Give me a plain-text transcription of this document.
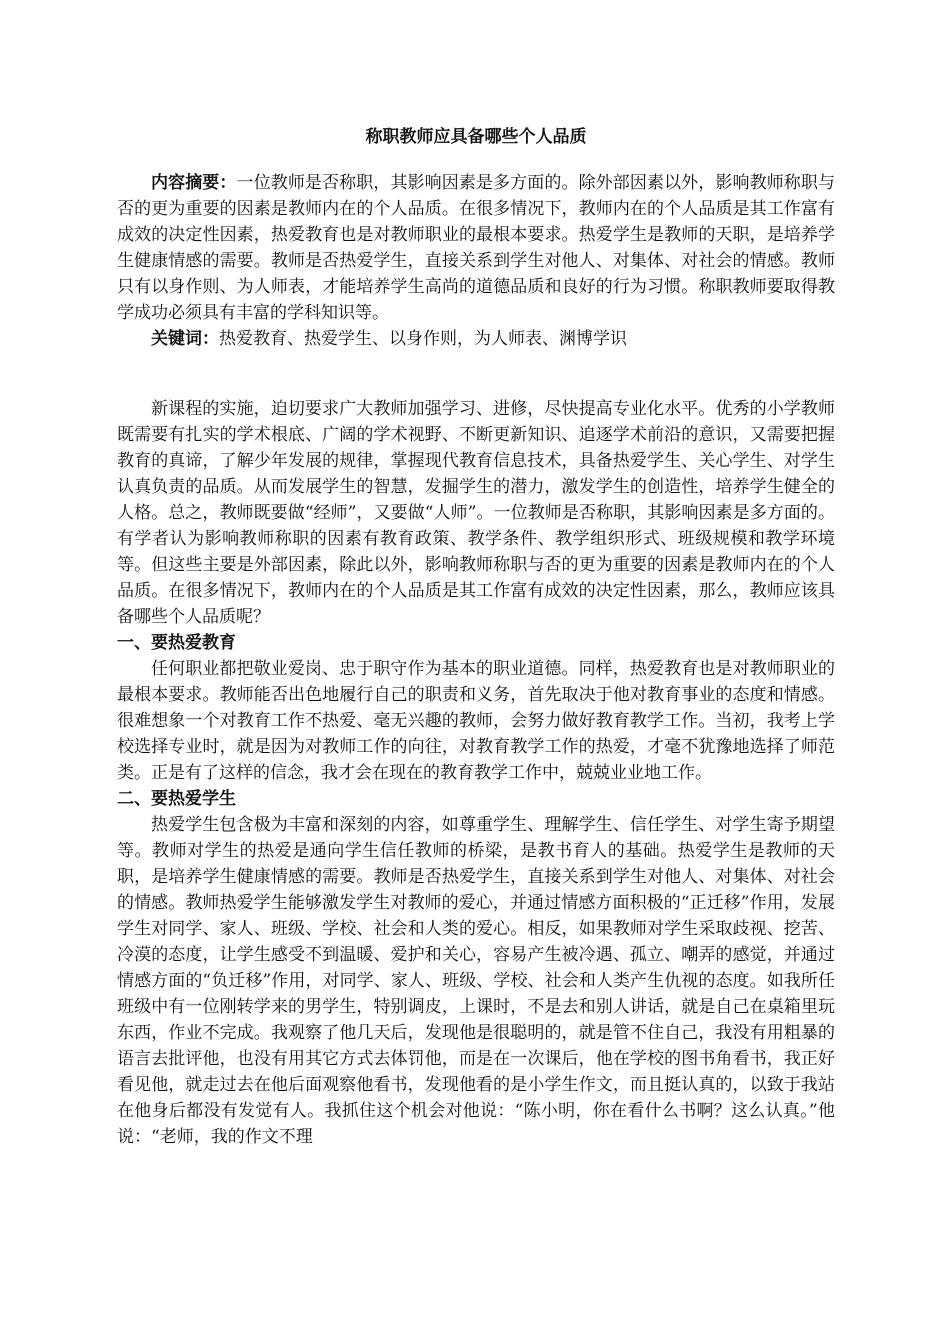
称职教师应具备哪些个人品质

内容摘要：一位教师是否称职，其影响因素是多方面的。除外部因素以外，影响教师称职与否的更为重要的因素是教师内在的个人品质。在很多情况下，教师内在的个人品质是其工作富有成效的决定性因素，热爱教育也是对教师职业的最根本要求。热爱学生是教师的天职，是培养学生健康情感的需要。教师是否热爱学生，直接关系到学生对他人、对集体、对社会的情感。教师只有以身作则、为人师表，才能培养学生高尚的道德品质和良好的行为习惯。称职教师要取得教学成功必须具有丰富的学科知识等。

关键词：热爱教育、热爱学生、以身作则，为人师表、渊博学识

新课程的实施，迫切要求广大教师加强学习、进修，尽快提高专业化水平。优秀的小学教师既需要有扎实的学术根底、广阔的学术视野、不断更新知识、追逐学术前沿的意识，又需要把握教育的真谛，了解少年发展的规律，掌握现代教育信息技术，具备热爱学生、关心学生、对学生认真负责的品质。从而发展学生的智慧，发掘学生的潜力，激发学生的创造性，培养学生健全的人格。总之，教师既要做“经师”，又要做“人师”。一位教师是否称职，其影响因素是多方面的。有学者认为影响教师称职的因素有教育政策、教学条件、教学组织形式、班级规模和教学环境等。但这些主要是外部因素，除此以外，影响教师称职与否的更为重要的因素是教师内在的个人品质。在很多情况下，教师内在的个人品质是其工作富有成效的决定性因素，那么，教师应该具备哪些个人品质呢？

一、要热爱教育

任何职业都把敬业爱岗、忠于职守作为基本的职业道德。同样，热爱教育也是对教师职业的最根本要求。教师能否出色地履行自己的职责和义务，首先取决于他对教育事业的态度和情感。很难想象一个对教育工作不热爱、毫无兴趣的教师，会努力做好教育教学工作。当初，我考上学校选择专业时，就是因为对教师工作的向往，对教育教学工作的热爱，才毫不犹豫地选择了师范类。正是有了这样的信念，我才会在现在的教育教学工作中，兢兢业业地工作。

二、要热爱学生

热爱学生包含极为丰富和深刻的内容，如尊重学生、理解学生、信任学生、对学生寄予期望等。教师对学生的热爱是通向学生信任教师的桥梁，是教书育人的基础。热爱学生是教师的天职，是培养学生健康情感的需要。教师是否热爱学生，直接关系到学生对他人、对集体、对社会的情感。教师热爱学生能够激发学生对教师的爱心，并通过情感方面积极的“正迁移”作用，发展学生对同学、家人、班级、学校、社会和人类的爱心。相反，如果教师对学生采取歧视、挖苦、冷漠的态度，让学生感受不到温暖、爱护和关心，容易产生被冷遇、孤立、嘲弄的感觉，并通过情感方面的“负迁移”作用，对同学、家人、班级、学校、社会和人类产生仇视的态度。如我所任班级中有一位刚转学来的男学生，特别调皮，上课时，不是去和别人讲话，就是自己在桌箱里玩东西，作业不完成。我观察了他几天后，发现他是很聪明的，就是管不住自己，我没有用粗暴的语言去批评他，也没有用其它方式去体罚他，而是在一次课后，他在学校的图书角看书，我正好看见他，就走过去在他后面观察他看书，发现他看的是小学生作文，而且挺认真的，以致于我站在他身后都没有发觉有人。我抓住这个机会对他说：“陈小明，你在看什么书啊？这么认真。”他说：“老师，我的作文不理
